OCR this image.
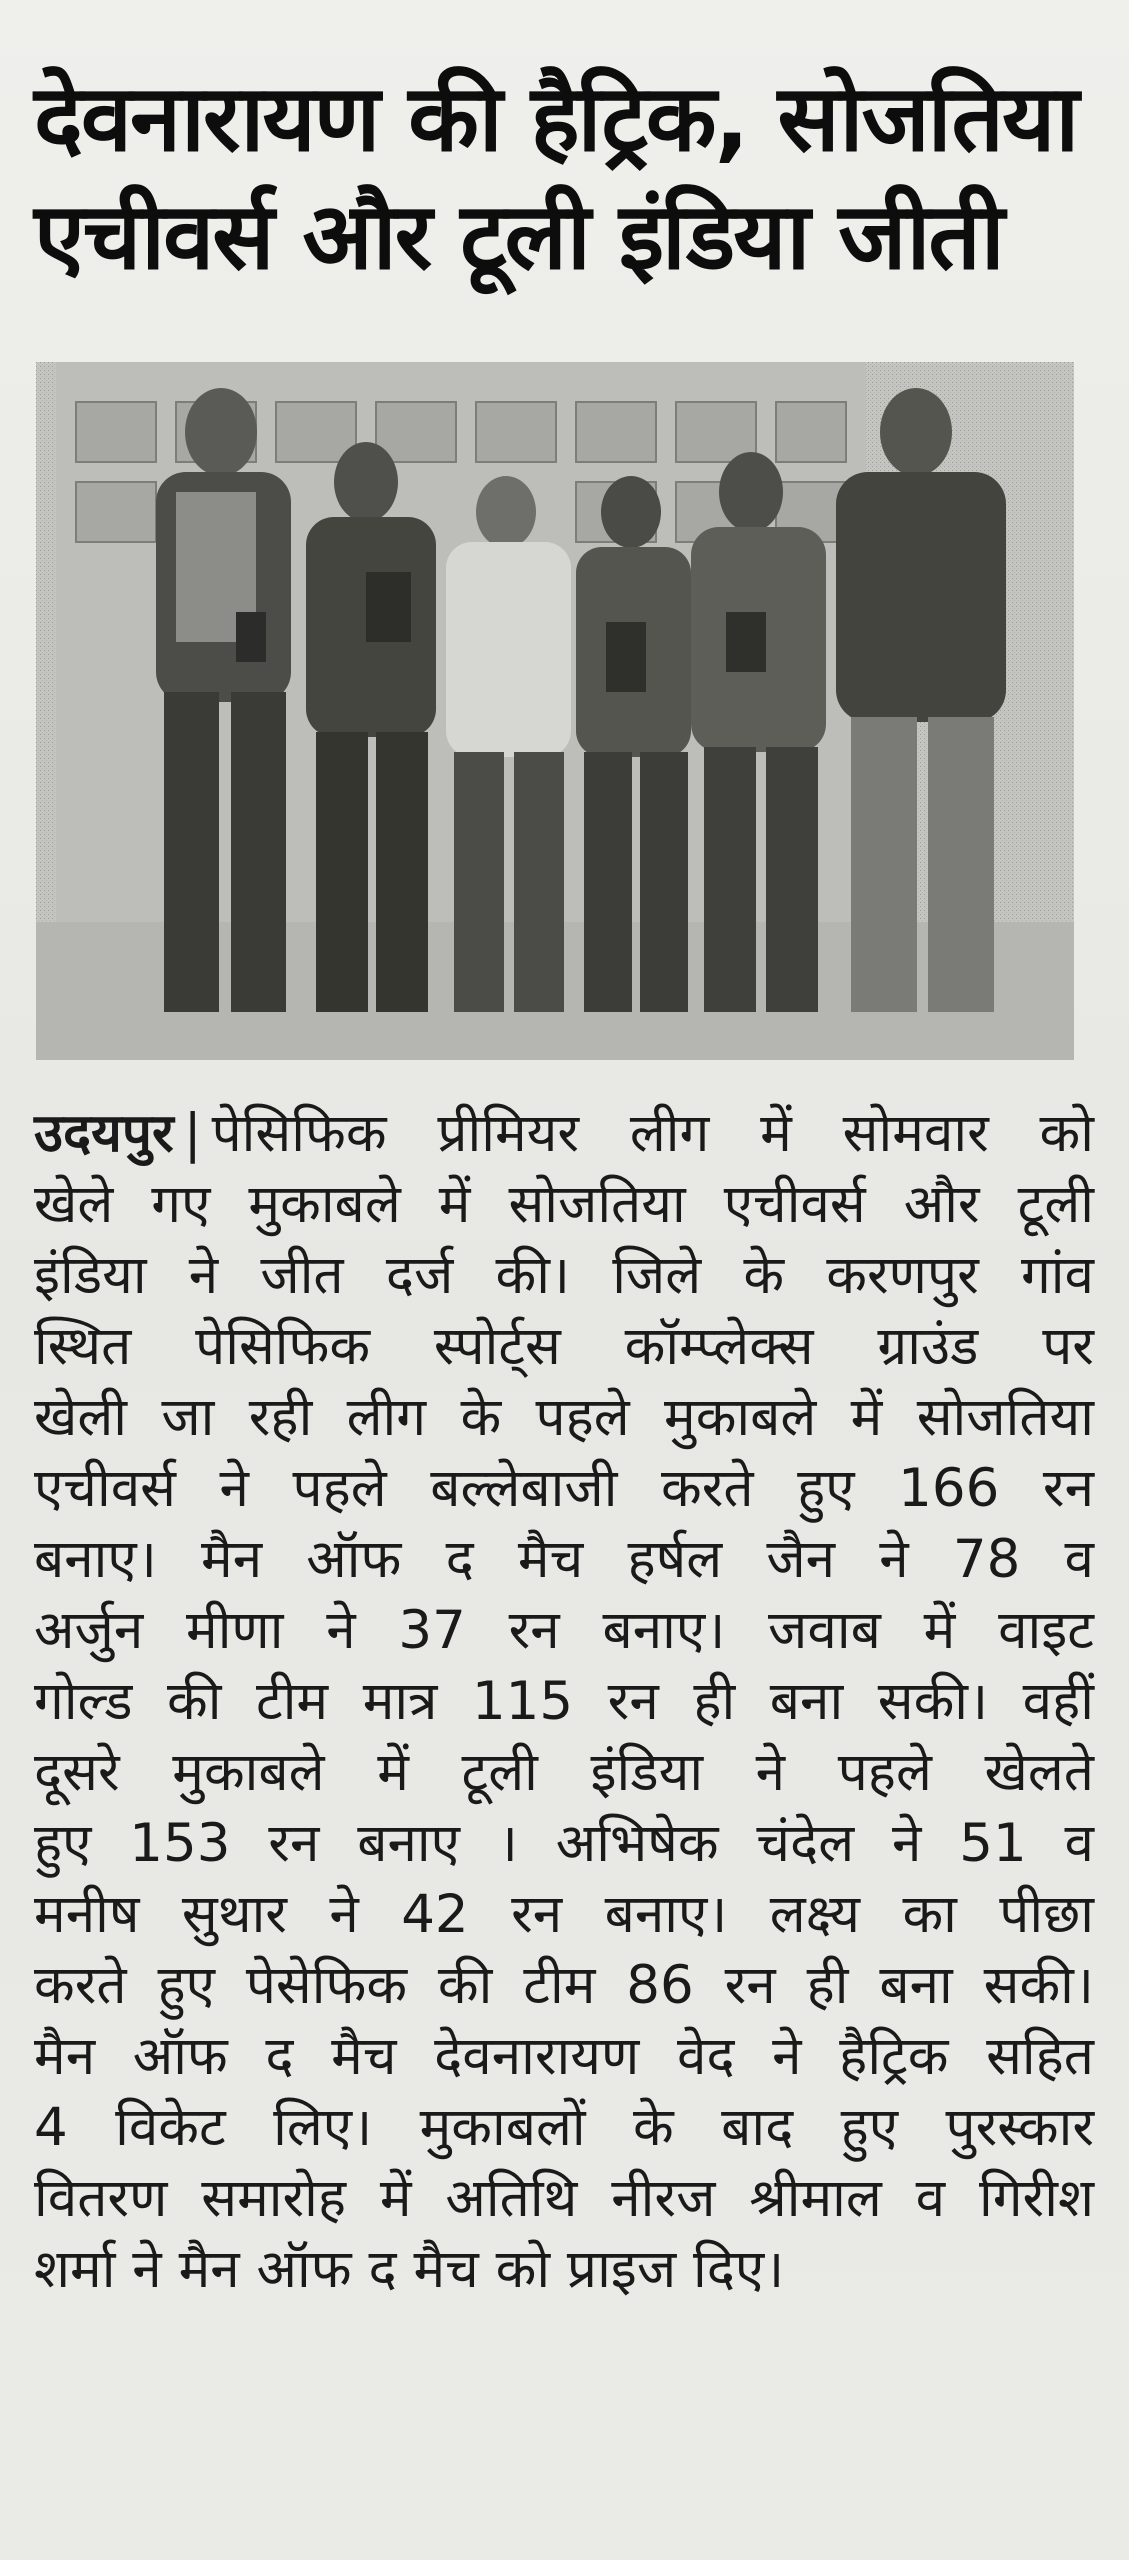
देवनारायण की हैट्रिक, सोजतिया
एचीवर्स और टूली इंडिया जीती
उदयपुर | पेसिफिक प्रीमियर लीग में सोमवार को
खेले गए मुकाबले में सोजतिया एचीवर्स और टूली
इंडिया ने जीत दर्ज की। जिले के करणपुर गांव
स्थित पेसिफिक स्पोर्ट्स कॉम्प्लेक्स ग्राउंड पर
खेली जा रही लीग के पहले मुकाबले में सोजतिया
एचीवर्स ने पहले बल्लेबाजी करते हुए 166 रन
बनाए। मैन ऑफ द मैच हर्षल जैन ने 78 व
अर्जुन मीणा ने 37 रन बनाए। जवाब में वाइट
गोल्ड की टीम मात्र 115 रन ही बना सकी। वहीं
दूसरे मुकाबले में टूली इंडिया ने पहले खेलते
हुए 153 रन बनाए । अभिषेक चंदेल ने 51 व
मनीष सुथार ने 42 रन बनाए। लक्ष्य का पीछा
करते हुए पेसेफिक की टीम 86 रन ही बना सकी।
मैन ऑफ द मैच देवनारायण वेद ने हैट्रिक सहित
4 विकेट लिए। मुकाबलों के बाद हुए पुरस्कार
वितरण समारोह में अतिथि नीरज श्रीमाल व गिरीश
शर्मा ने मैन ऑफ द मैच को प्राइज दिए।
